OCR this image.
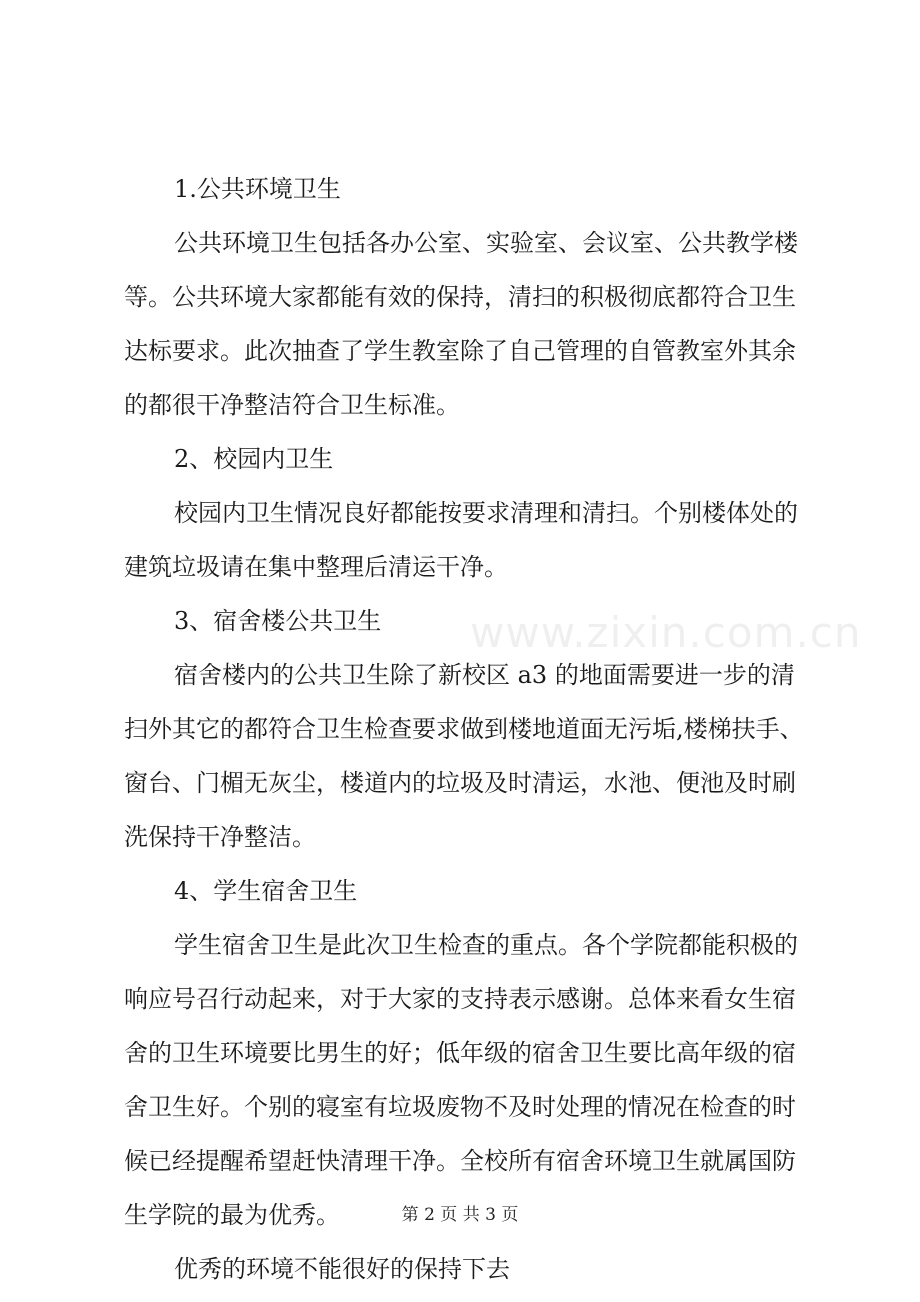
www.zixin.com.cn

1.公共环境卫生

公共环境卫生包括各办公室、实验室、会议室、公共教学楼

等。公共环境大家都能有效的保持，清扫的积极彻底都符合卫生

达标要求。此次抽查了学生教室除了自己管理的自管教室外其余

的都很干净整洁符合卫生标准。

2、校园内卫生

校园内卫生情况良好都能按要求清理和清扫。个别楼体处的

建筑垃圾请在集中整理后清运干净。

3、宿舍楼公共卫生

宿舍楼内的公共卫生除了新校区 a3 的地面需要进一步的清

扫外其它的都符合卫生检查要求做到楼地道面无污垢,楼梯扶手、

窗台、门楣无灰尘，楼道内的垃圾及时清运，水池、便池及时刷

洗保持干净整洁。

4、学生宿舍卫生

学生宿舍卫生是此次卫生检查的重点。各个学院都能积极的

响应号召行动起来，对于大家的支持表示感谢。总体来看女生宿

舍的卫生环境要比男生的好；低年级的宿舍卫生要比高年级的宿

舍卫生好。个别的寝室有垃圾废物不及时处理的情况在检查的时

候已经提醒希望赶快清理干净。全校所有宿舍环境卫生就属国防

生学院的最为优秀。

优秀的环境不能很好的保持下去

第 2 页 共 3 页
